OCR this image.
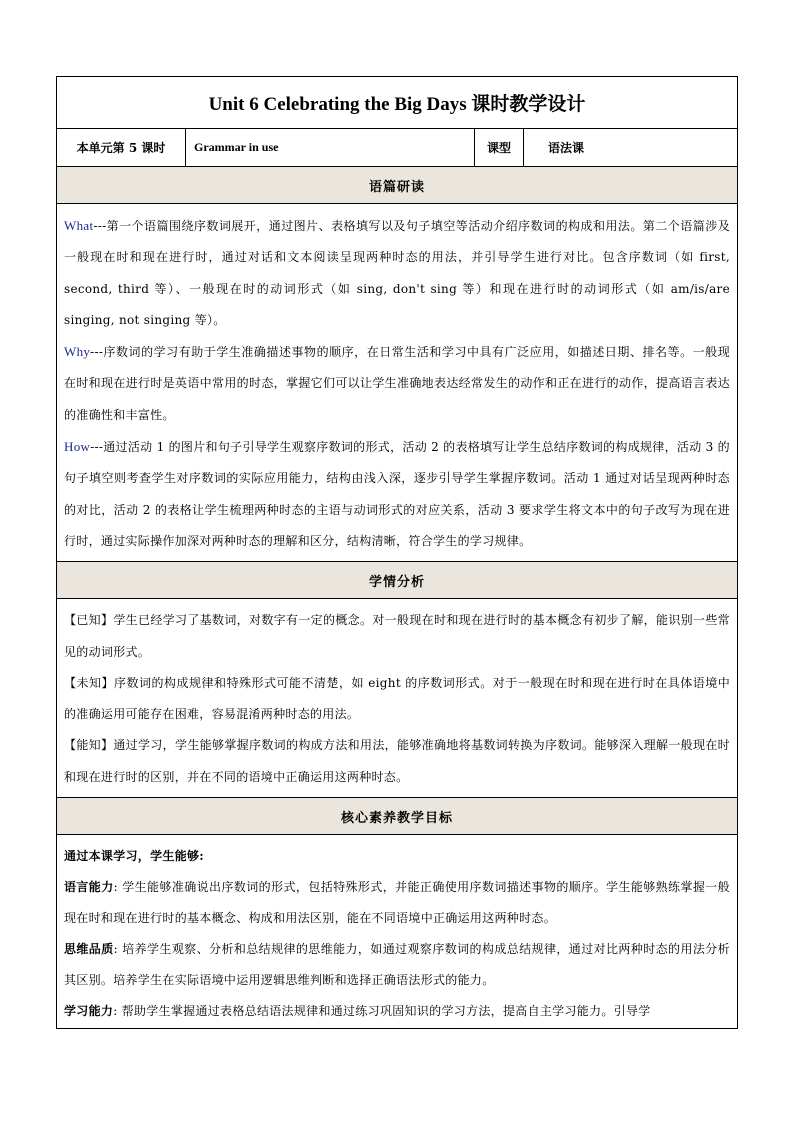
Unit 6 Celebrating the Big Days 课时教学设计
本单元第 5 课时	Grammar in use	课型	语法课
语篇研读

What---第一个语篇围绕序数词展开，通过图片、表格填写以及句子填空等活动介绍序数词的构成和用法。第二个语篇涉及一般现在时和现在进行时，通过对话和文本阅读呈现两种时态的用法，并引导学生进行对比。包含序数词（如 first, second, third 等）、一般现在时的动词形式（如 sing, don't sing 等）和现在进行时的动词形式（如 am/is/are singing, not singing 等）。

Why---序数词的学习有助于学生准确描述事物的顺序，在日常生活和学习中具有广泛应用，如描述日期、排名等。一般现在时和现在进行时是英语中常用的时态，掌握它们可以让学生准确地表达经常发生的动作和正在进行的动作，提高语言表达的准确性和丰富性。

How---通过活动 1 的图片和句子引导学生观察序数词的形式，活动 2 的表格填写让学生总结序数词的构成规律，活动 3 的句子填空则考查学生对序数词的实际应用能力，结构由浅入深，逐步引导学生掌握序数词。活动 1 通过对话呈现两种时态的对比，活动 2 的表格让学生梳理两种时态的主语与动词形式的对应关系，活动 3 要求学生将文本中的句子改写为现在进行时，通过实际操作加深对两种时态的理解和区分，结构清晰，符合学生的学习规律。

学情分析

【已知】学生已经学习了基数词，对数字有一定的概念。对一般现在时和现在进行时的基本概念有初步了解，能识别一些常见的动词形式。

【未知】序数词的构成规律和特殊形式可能不清楚，如 eight 的序数词形式。对于一般现在时和现在进行时在具体语境中的准确运用可能存在困难，容易混淆两种时态的用法。

【能知】通过学习，学生能够掌握序数词的构成方法和用法，能够准确地将基数词转换为序数词。能够深入理解一般现在时和现在进行时的区别，并在不同的语境中正确运用这两种时态。

核心素养教学目标

通过本课学习，学生能够:

语言能力: 学生能够准确说出序数词的形式，包括特殊形式，并能正确使用序数词描述事物的顺序。学生能够熟练掌握一般现在时和现在进行时的基本概念、构成和用法区别，能在不同语境中正确运用这两种时态。

思维品质: 培养学生观察、分析和总结规律的思维能力，如通过观察序数词的构成总结规律，通过对比两种时态的用法分析其区别。培养学生在实际语境中运用逻辑思维判断和选择正确语法形式的能力。

学习能力: 帮助学生掌握通过表格总结语法规律和通过练习巩固知识的学习方法，提高自主学习能力。引导学
